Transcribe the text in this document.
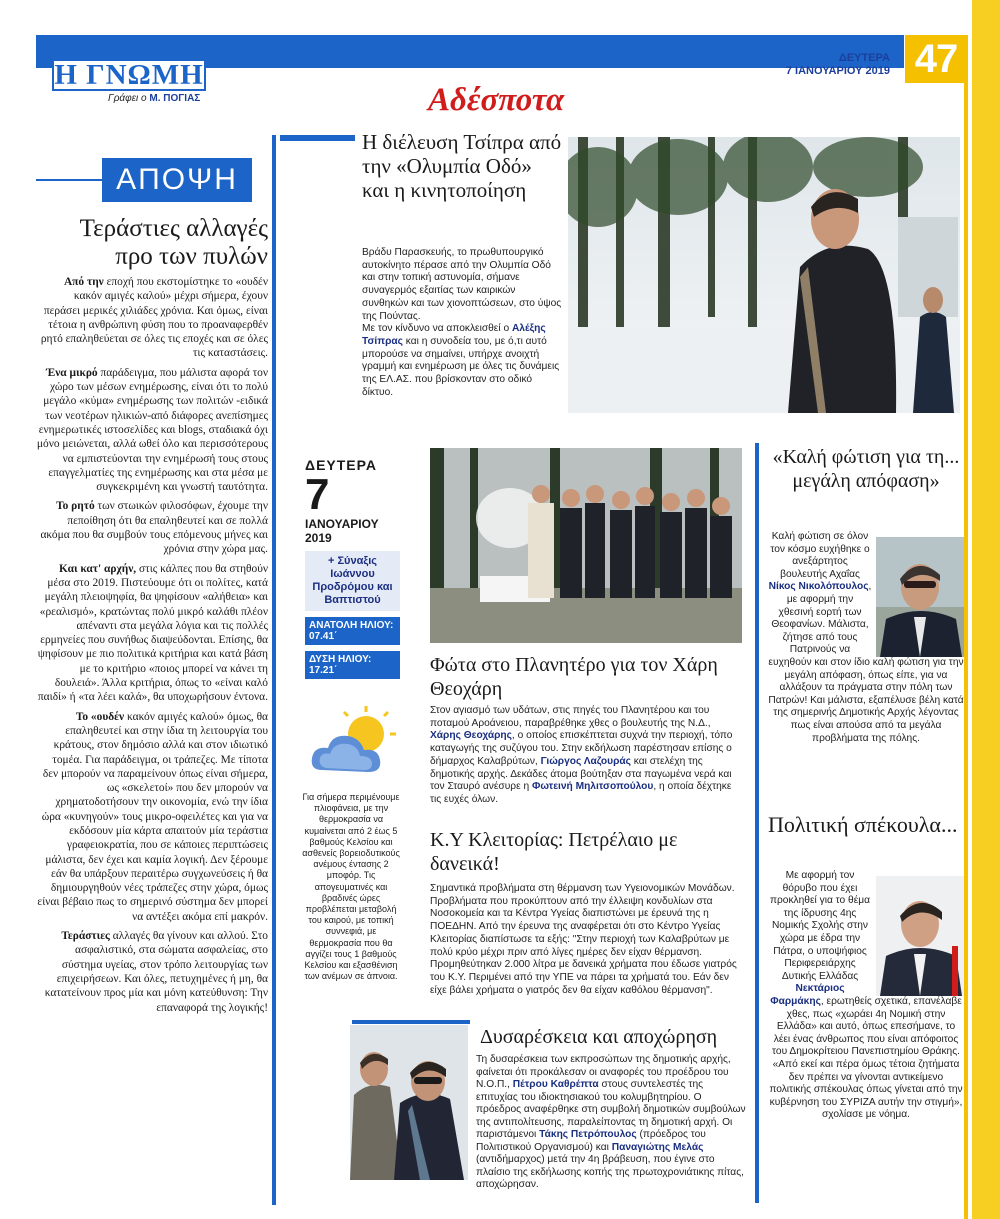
47
Η ΓΝΩΜΗ
Γράφει ο Μ. ΠΟΓΙΑΣ
ΔΕΥΤΕΡΑ
7 ΙΑΝΟΥΑΡΙΟΥ 2019
Αδέσποτα
ΑΠΟΨΗ
Τεράστιες αλλαγές προ των πυλών

Από την εποχή που εκστομίστηκε το «ουδέν κακόν αμιγές καλού» μέχρι σήμερα, έχουν περάσει μερικές χιλιάδες χρόνια. Και όμως, είναι τέτοια η ανθρώπινη φύση που το προαναφερθέν ρητό επαληθεύεται σε όλες τις εποχές και σε όλες τις καταστάσεις.

Ένα μικρό παράδειγμα, που μάλιστα αφορά τον χώρο των μέσων ενημέρωσης, είναι ότι το πολύ μεγάλο «κύμα» ενημέρωσης των πολιτών -ειδικά των νεοτέρων ηλικιών-από διάφορες ανεπίσημες ενημερωτικές ιστοσελίδες και blogs, σταδιακά όχι μόνο μειώνεται, αλλά ωθεί όλο και περισσότερους να εμπιστεύονται την ενημέρωσή τους στους επαγγελματίες της ενημέρωσης και στα μέσα με συγκεκριμένη και γνωστή ταυτότητα.

Το ρητό των στωικών φιλοσόφων, έχουμε την πεποίθηση ότι θα επαληθευτεί και σε πολλά ακόμα που θα συμβούν τους επόμενους μήνες και χρόνια στην χώρα μας.

Και κατ' αρχήν, στις κάλπες που θα στηθούν μέσα στο 2019. Πιστεύουμε ότι οι πολίτες, κατά μεγάλη πλειοψηφία, θα ψηφίσουν «αλήθεια» και «ρεαλισμό», κρατώντας πολύ μικρό καλάθι πλέον απέναντι στα μεγάλα λόγια και τις πολλές ερμηνείες που συνήθως διαψεύδονται. Επίσης, θα ψηφίσουν με πιο πολιτικά κριτήρια και κατά βάση με το κριτήριο «ποιος μπορεί να κάνει τη δουλειά». Άλλα κριτήρια, όπως το «είναι καλό παιδί» ή «τα λέει καλά», θα υποχωρήσουν έντονα.

Το «ουδέν κακόν αμιγές καλού» όμως, θα επαληθευτεί και στην ίδια τη λειτουργία του κράτους, στον δημόσιο αλλά και στον ιδιωτικό τομέα. Για παράδειγμα, οι τράπεζες. Με τίποτα δεν μπορούν να παραμείνουν όπως είναι σήμερα, ως «σκελετοί» που δεν μπορούν να χρηματοδοτήσουν την οικονομία, ενώ την ίδια ώρα «κυνηγούν» τους μικρο-οφειλέτες και για να εκδόσουν μία κάρτα απαιτούν μία τεράστια γραφειοκρατία, που σε κάποιες περιπτώσεις μάλιστα, δεν έχει και καμία λογική. Δεν ξέρουμε εάν θα υπάρξουν περαιτέρω συγχωνεύσεις ή θα δημιουργηθούν νέες τράπεζες στην χώρα, όμως είναι βέβαιο πως το σημερινό σύστημα δεν μπορεί να αντέξει ακόμα επί μακρόν.

Τεράστιες αλλαγές θα γίνουν και αλλού. Στο ασφαλιστικό, στα σώματα ασφαλείας, στο σύστημα υγείας, στον τρόπο λειτουργίας των επιχειρήσεων. Και όλες, πετυχημένες ή μη, θα κατατείνουν προς μία και μόνη κατεύθυνση: Την επαναφορά της λογικής!

Η διέλευση Τσίπρα από την «Ολυμπία Οδό» και η κινητοποίηση

Βράδυ Παρασκευής, το πρωθυπουργικό αυτοκίνητο πέρασε από την Ολυμπία Οδό και στην τοπική αστυνομία, σήμανε συναγερμός εξαιτίας των καιρικών συνθηκών και των χιονοπτώσεων, στο ύψος της Πούντας.

Με τον κίνδυνο να αποκλεισθεί ο Αλέξης Τσίπρας και η συνοδεία του, με ό,τι αυτό μπορούσε να σημαίνει, υπήρχε ανοιχτή γραμμή και ενημέρωση με όλες τις δυνάμεις της ΕΛ.ΑΣ. που βρίσκονταν στο οδικό δίκτυο.

ΔΕΥΤΕΡΑ
7
ΙΑΝΟΥΑΡΙΟΥ
2019
+ Σύναξις Ιωάννου Προδρόμου και Βαπτιστού
ΑΝΑΤΟΛΗ ΗΛΙΟΥ: 07.41΄
ΔΥΣΗ ΗΛΙΟΥ: 17.21΄
Για σήμερα περιμένουμε πλιοφάνεια, με την θερμοκρασία να κυμαίνεται από 2 έως 5 βαθμούς Κελσίου και ασθενείς βορειοδυτικούς ανέμους έντασης 2 μποφόρ. Τις απογευματινές και βραδινές ώρες προβλέπεται μεταβολή του καιρού, με τοπική συννεφιά, με θερμοκρασία που θα αγγίζει τους 1 βαθμούς Κελσίου και εξασθένιση των ανέμων σε άπνοια.
Φώτα στο Πλανητέρο για τον Χάρη Θεοχάρη
Στον αγιασμό των υδάτων, στις πηγές του Πλανητέρου και του ποταμού Αροάνειου, παραβρέθηκε χθες ο βουλευτής της Ν.Δ., Χάρης Θεοχάρης, ο οποίος επισκέπτεται συχνά την περιοχή, τόπο καταγωγής της συζύγου του. Στην εκδήλωση παρέστησαν επίσης ο δήμαρχος Καλαβρύτων, Γιώργος Λαζουράς και στελέχη της δημοτικής αρχής. Δεκάδες άτομα βούτηξαν στα παγωμένα νερά και τον Σταυρό ανέσυρε η Φωτεινή Μηλιτσοπούλου, η οποία δέχτηκε τις ευχές όλων.
Κ.Υ Κλειτορίας: Πετρέλαιο με δανεικά!
Σημαντικά προβλήματα στη θέρμανση των Υγειονομικών Μονάδων. Προβλήματα που προκύπτουν από την έλλειψη κονδυλίων στα Νοσοκομεία και τα Κέντρα Υγείας διαπιστώνει με έρευνά της η ΠΟΕΔΗΝ. Από την έρευνα της αναφέρεται ότι στο Κέντρο Υγείας Κλειτορίας διαπίστωσε τα εξής: "Στην περιοχή των Καλαβρύτων με πολύ κρύο μέχρι πριν από λίγες ημέρες δεν είχαν θέρμανση. Προμηθεύτηκαν 2.000 λίτρα με δανεικά χρήματα που έδωσε γιατρός του Κ.Υ. Περιμένει από την ΥΠΕ να πάρει τα χρήματά του. Εάν δεν είχε βάλει χρήματα ο γιατρός δεν θα είχαν καθόλου θέρμανση".
Δυσαρέσκεια και αποχώρηση
Τη δυσαρέσκεια των εκπροσώπων της δημοτικής αρχής, φαίνεται ότι προκάλεσαν οι αναφορές του προέδρου του Ν.Ο.Π., Πέτρου Καθρέπτα στους συντελεστές της επιτυχίας του ιδιοκτησιακού του κολυμβητηρίου. Ο πρόεδρος αναφέρθηκε στη συμβολή δημοτικών συμβούλων της αντιπολίτευσης, παραλείποντας τη δημοτική αρχή. Οι παριστάμενοι Τάκης Πετρόπουλος (πρόεδρος του Πολιτιστικού Οργανισμού) και Παναγιώτης Μελάς (αντιδήμαρχος) μετά την 4η βράβευση, που έγινε στο πλαίσιο της εκδήλωσης κοπής της πρωτοχρονιάτικης πίτας, αποχώρησαν.
«Καλή φώτιση για τη... μεγάλη απόφαση»
Καλή φώτιση σε όλον τον κόσμο ευχήθηκε ο ανεξάρτητος βουλευτής Αχαΐας Νίκος Νικολόπουλος, με αφορμή την χθεσινή εορτή των Θεοφανίων. Μάλιστα, ζήτησε από τους Πατρινούς να ευχηθούν και στον ίδιο καλή φώτιση για την μεγάλη απόφαση, όπως είπε, για να αλλάξουν τα πράγματα στην πόλη των Πατρών! Και μάλιστα, εξαπέλυσε βέλη κατά της σημερινής Δημοτικής Αρχής λέγοντας πως είναι απούσα από τα μεγάλα προβλήματα της πόλης.
Πολιτική σπέκουλα...
Με αφορμή τον θόρυβο που έχει προκληθεί για το θέμα της ίδρυσης 4ης Νομικής Σχολής στην χώρα με έδρα την Πάτρα, ο υποψήφιος Περιφερειάρχης Δυτικής Ελλάδας Νεκτάριος Φαρμάκης, ερωτηθείς σχετικά, επανέλαβε χθες, πως «χωράει 4η Νομική στην Ελλάδα» και αυτό, όπως επεσήμανε, το λέει ένας άνθρωπος που είναι απόφοιτος του Δημοκρίτειου Πανεπιστημίου Θράκης. «Από εκεί και πέρα όμως τέτοια ζητήματα δεν πρέπει να γίνονται αντικείμενο πολιτικής σπέκουλας όπως γίνεται από την κυβέρνηση του ΣΥΡΙΖΑ αυτήν την στιγμή», σχολίασε με νόημα.
